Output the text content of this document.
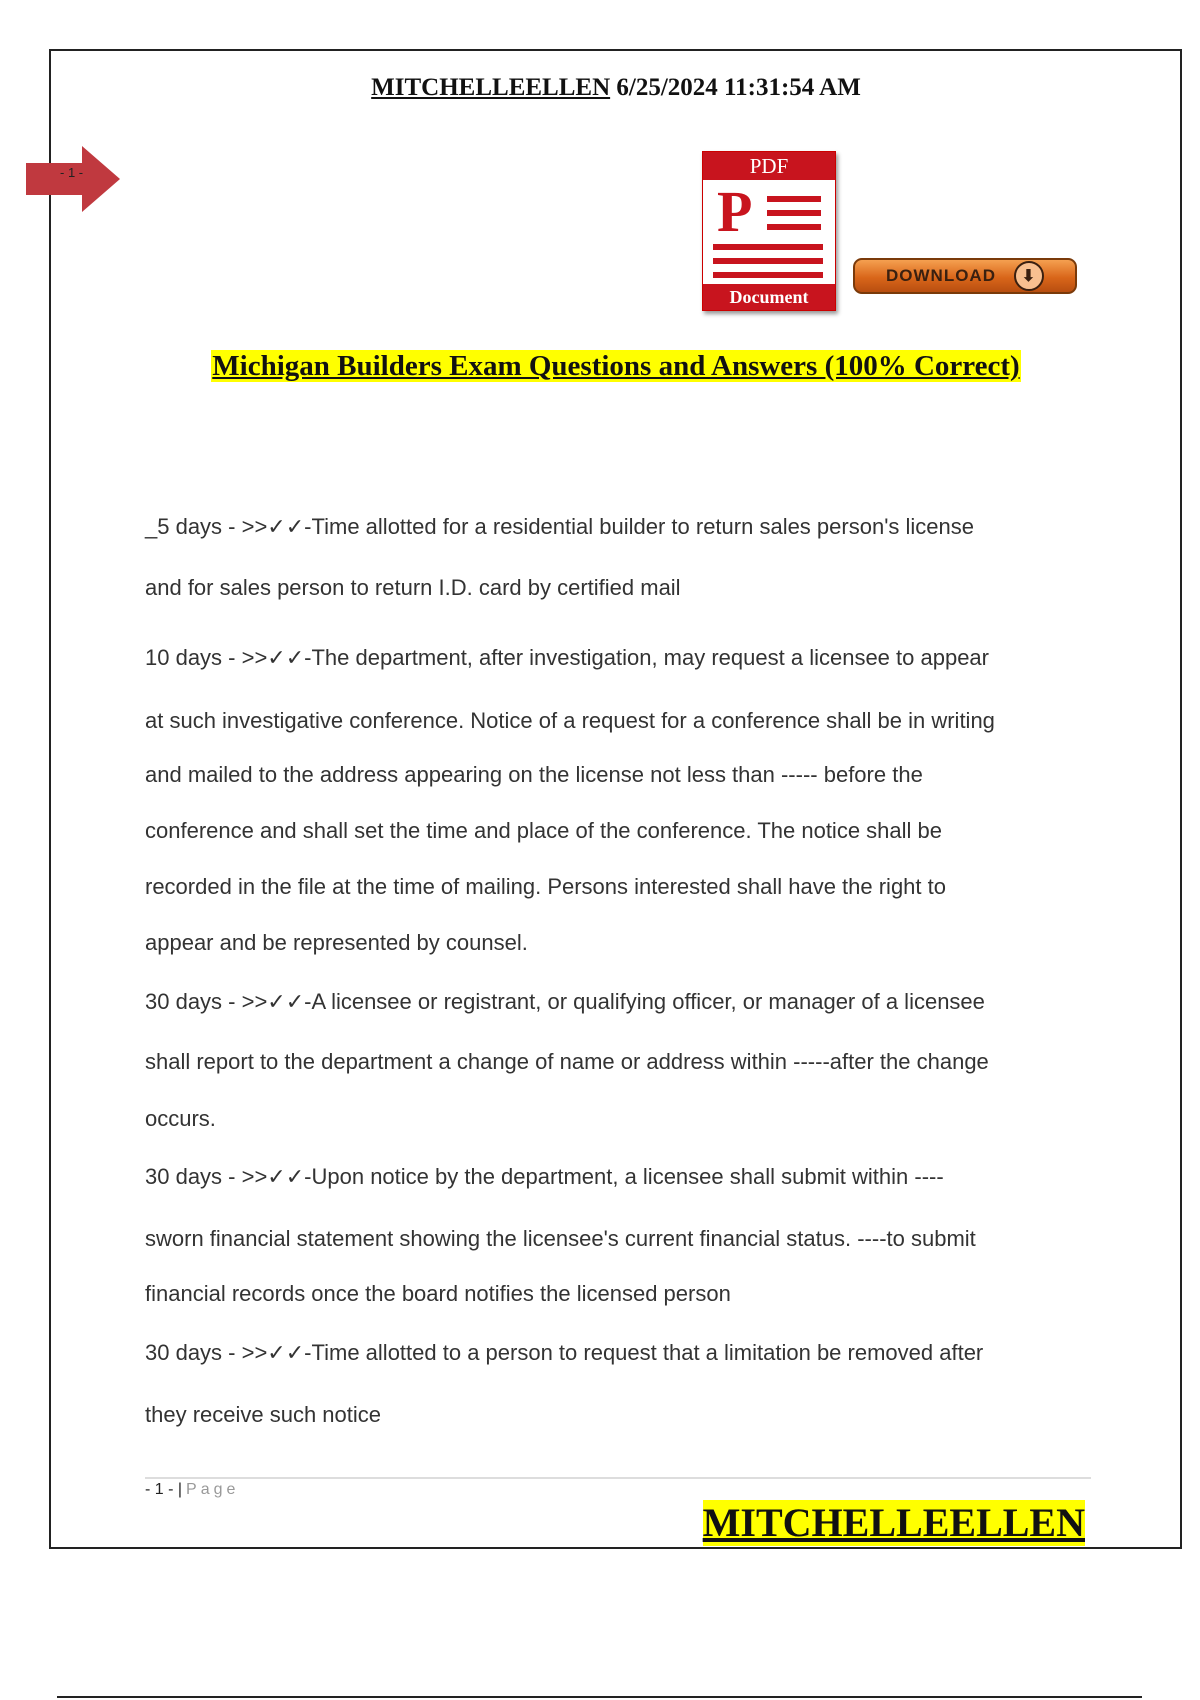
MITCHELLEELLEN 6/25/2024 11:31:54 AM
- 1 -	PDF
P
Document
DOWNLOAD	⬇
Michigan Builders Exam Questions and Answers (100% Correct)
_5 days - >>✓✓-Time allotted for a residential builder to return sales person's license
and for sales person to return I.D. card by certified mail
10 days - >>✓✓-The department, after investigation, may request a licensee to appear
at such investigative conference. Notice of a request for a conference shall be in writing
and mailed to the address appearing on the license not less than ----- before the
conference and shall set the time and place of the conference. The notice shall be
recorded in the file at the time of mailing. Persons interested shall have the right to
appear and be represented by counsel.
30 days - >>✓✓-A licensee or registrant, or qualifying officer, or manager of a licensee
shall report to the department a change of name or address within -----after the change
occurs.
30 days - >>✓✓-Upon notice by the department, a licensee shall submit within ----
sworn financial statement showing the licensee's current financial status. ----to submit
financial records once the board notifies the licensed person
30 days - >>✓✓-Time allotted to a person to request that a limitation be removed after
they receive such notice
- 1 - | Page
MITCHELLEELLEN
